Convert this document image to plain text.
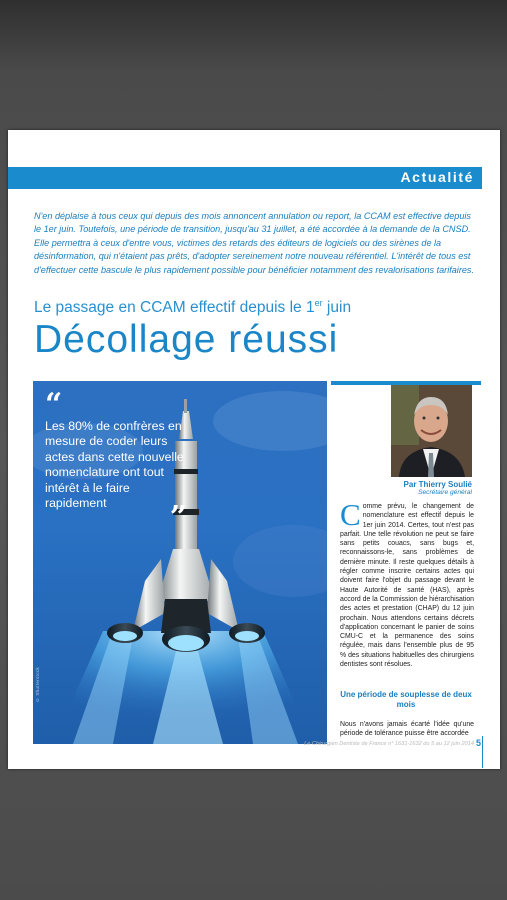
Actualité

N'en déplaise à tous ceux qui depuis des mois annoncent annulation ou report, la CCAM est effective depuis le 1er juin. Toutefois, une période de transition, jusqu'au 31 juillet, a été accordée à la demande de la CNSD. Elle permettra à ceux d'entre vous, victimes des retards des éditeurs de logiciels ou des sirènes de la désinformation, qui n'étaient pas prêts, d'adopter sereinement notre nouveau référentiel. L'intérêt de tous est d'effectuer cette bascule le plus rapidement possible pour bénéficier notamment des revalorisations tarifaires.

Le passage en CCAM effectif depuis le 1er juin

Décollage réussi
“
Les 80% de confrères en mesure de coder leurs actes dans cette nouvelle nomenclature ont tout intérêt à le faire rapidement	”
© Shutterstock
Par Thierry Soulié
Secrétaire général

Comme prévu, le changement de nomenclature est effectif depuis le 1er juin 2014. Certes, tout n'est pas parfait. Une telle révolution ne peut se faire sans petits couacs, sans bugs et, reconnaissons-le, sans problèmes de dernière minute. Il reste quelques détails à régler comme inscrire certains actes qui doivent faire l'objet du passage devant le Haute Autorité de santé (HAS), après accord de la Commission de hiérarchisation des actes et prestation (CHAP) du 12 juin prochain. Nous attendons certains décrets d'application concernant le panier de soins CMU-C et la permanence des soins régulée, mais dans l'ensemble plus de 95 % des situations habituelles des chirurgiens dentistes sont résolues.

Une période de souplesse de deux mois

Nous n'avons jamais écarté l'idée qu'une période de tolérance puisse être accordée

Le Chirurgien Dentiste de France n° 1631-1632 du 5 au 12 juin 2014 5
